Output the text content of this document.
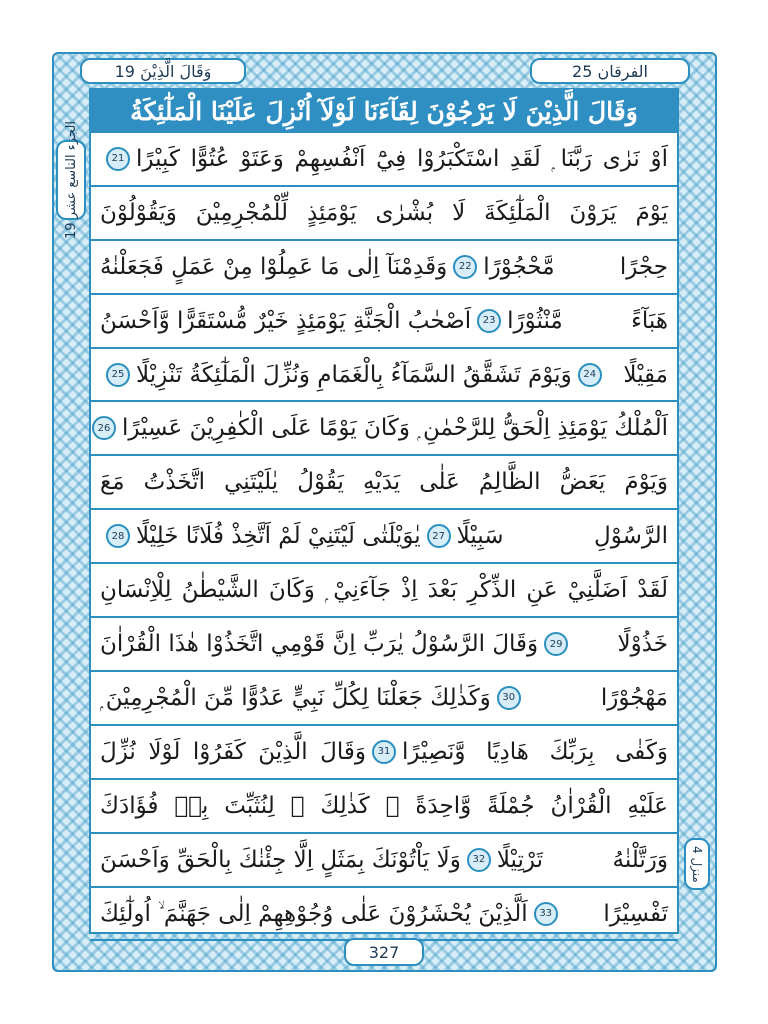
الفرقان 25
وَقَالَ الَّذِيْنَ 19
وَقَالَ الَّذِيْنَ لَا يَرْجُوْنَ لِقَآءَنَا لَوْلَآ اُنْزِلَ عَلَيْنَا الْمَلٰٓئِكَةُ
اَوْ نَرٰى رَبَّنَا ۭ لَقَدِ اسْتَكْبَرُوْا فِيْٓ اَنْفُسِهِمْ وَعَتَوْ عُتُوًّا كَبِيْرًا
21
يَوْمَ يَرَوْنَ الْمَلٰٓئِكَةَ لَا بُشْرٰى يَوْمَئِذٍ لِّلْمُجْرِمِيْنَ وَيَقُوْلُوْنَ
حِجْرًا مَّحْجُوْرًا
22
وَقَدِمْنَآ اِلٰى مَا عَمِلُوْا مِنْ عَمَلٍ فَجَعَلْنٰهُ
هَبَآءً مَّنْثُوْرًا
23
اَصْحٰبُ الْجَنَّةِ يَوْمَئِذٍ خَيْرٌ مُّسْتَقَرًّا وَّاَحْسَنُ
مَقِيْلًا
24
وَيَوْمَ تَشَقَّقُ السَّمَآءُ بِالْغَمَامِ وَنُزِّلَ الْمَلٰٓئِكَةُ تَنْزِيْلًا
25
اَلْمُلْكُ يَوْمَئِذِ اِلْحَقُّ لِلرَّحْمٰنِ ۭ وَكَانَ يَوْمًا عَلَى الْكٰفِرِيْنَ عَسِيْرًا
26
وَيَوْمَ يَعَضُّ الظَّالِمُ عَلٰى يَدَيْهِ يَقُوْلُ يٰلَيْتَنِي اتَّخَذْتُ مَعَ
الرَّسُوْلِ سَبِيْلًا
27
يٰوَيْلَتٰى لَيْتَنِيْ لَمْ اَتَّخِذْ فُلَانًا خَلِيْلًا
28
لَقَدْ اَضَلَّنِيْ عَنِ الذِّكْرِ بَعْدَ اِذْ جَآءَنِيْ ۭ وَكَانَ الشَّيْطٰنُ لِلْاِنْسَانِ
خَذُوْلًا
29
وَقَالَ الرَّسُوْلُ يٰرَبِّ اِنَّ قَوْمِي اتَّخَذُوْا هٰذَا الْقُرْاٰنَ
مَهْجُوْرًا
30
وَكَذٰلِكَ جَعَلْنَا لِكُلِّ نَبِيٍّ عَدُوًّا مِّنَ الْمُجْرِمِيْنَ ۭ
وَكَفٰى بِرَبِّكَ هَادِيًا وَّنَصِيْرًا
31
وَقَالَ الَّذِيْنَ كَفَرُوْا لَوْلَا نُزِّلَ
عَلَيْهِ الْقُرْاٰنُ جُمْلَةً وَّاحِدَةً ۚ كَذٰلِكَ ۚ لِنُثَبِّتَ بِهٖ فُؤَادَكَ
وَرَتَّلْنٰهُ تَرْتِيْلًا
32
وَلَا يَاْتُوْنَكَ بِمَثَلٍ اِلَّا جِئْنٰكَ بِالْحَقِّ وَاَحْسَنَ
تَفْسِيْرًا
33
اَلَّذِيْنَ يُحْشَرُوْنَ عَلٰى وُجُوْهِهِمْ اِلٰى جَهَنَّمَ ۙ اُولٰٓئِكَ
الجزء التاسع عشر 19
منزل 4
327
